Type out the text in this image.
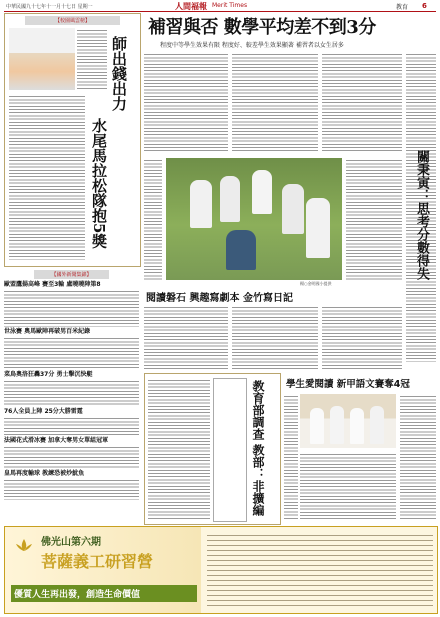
中華民國九十七年十一月十七日 星期一	人間福報 Merit Times	教育 6
【校園風雲榜】
師出錢出力
水尾馬拉松隊抱5獎
【國外新聞集錦】
歐盟鷹揚高峰 賽至3輪 盧曉曉陣第8
世泳賽 奧馬歐陣再破男百米紀錄
菜鳥奧洛狂轟37分 勇士擊沉快艇
76人全員上陣 25分大勝雷霆
法國花式滑冰賽 加拿大奪男女單組冠軍
皇馬再度輸球 教練恐被炒魷魚
補習與否 數學平均差不到3分
程度中等學生效果有限 程度好、較差學生效果顯著 補習者以女生居多
關秉寅：思考分數得失
楊○金明國小提供
閱讀磐石 興趣寫劇本 金竹寫日記
教育部調查 教部：非擴編	學生愛閱讀 新甲語文賽奪4冠
佛光山第六期
菩薩義工研習營
優質人生再出發，創造生命價值
